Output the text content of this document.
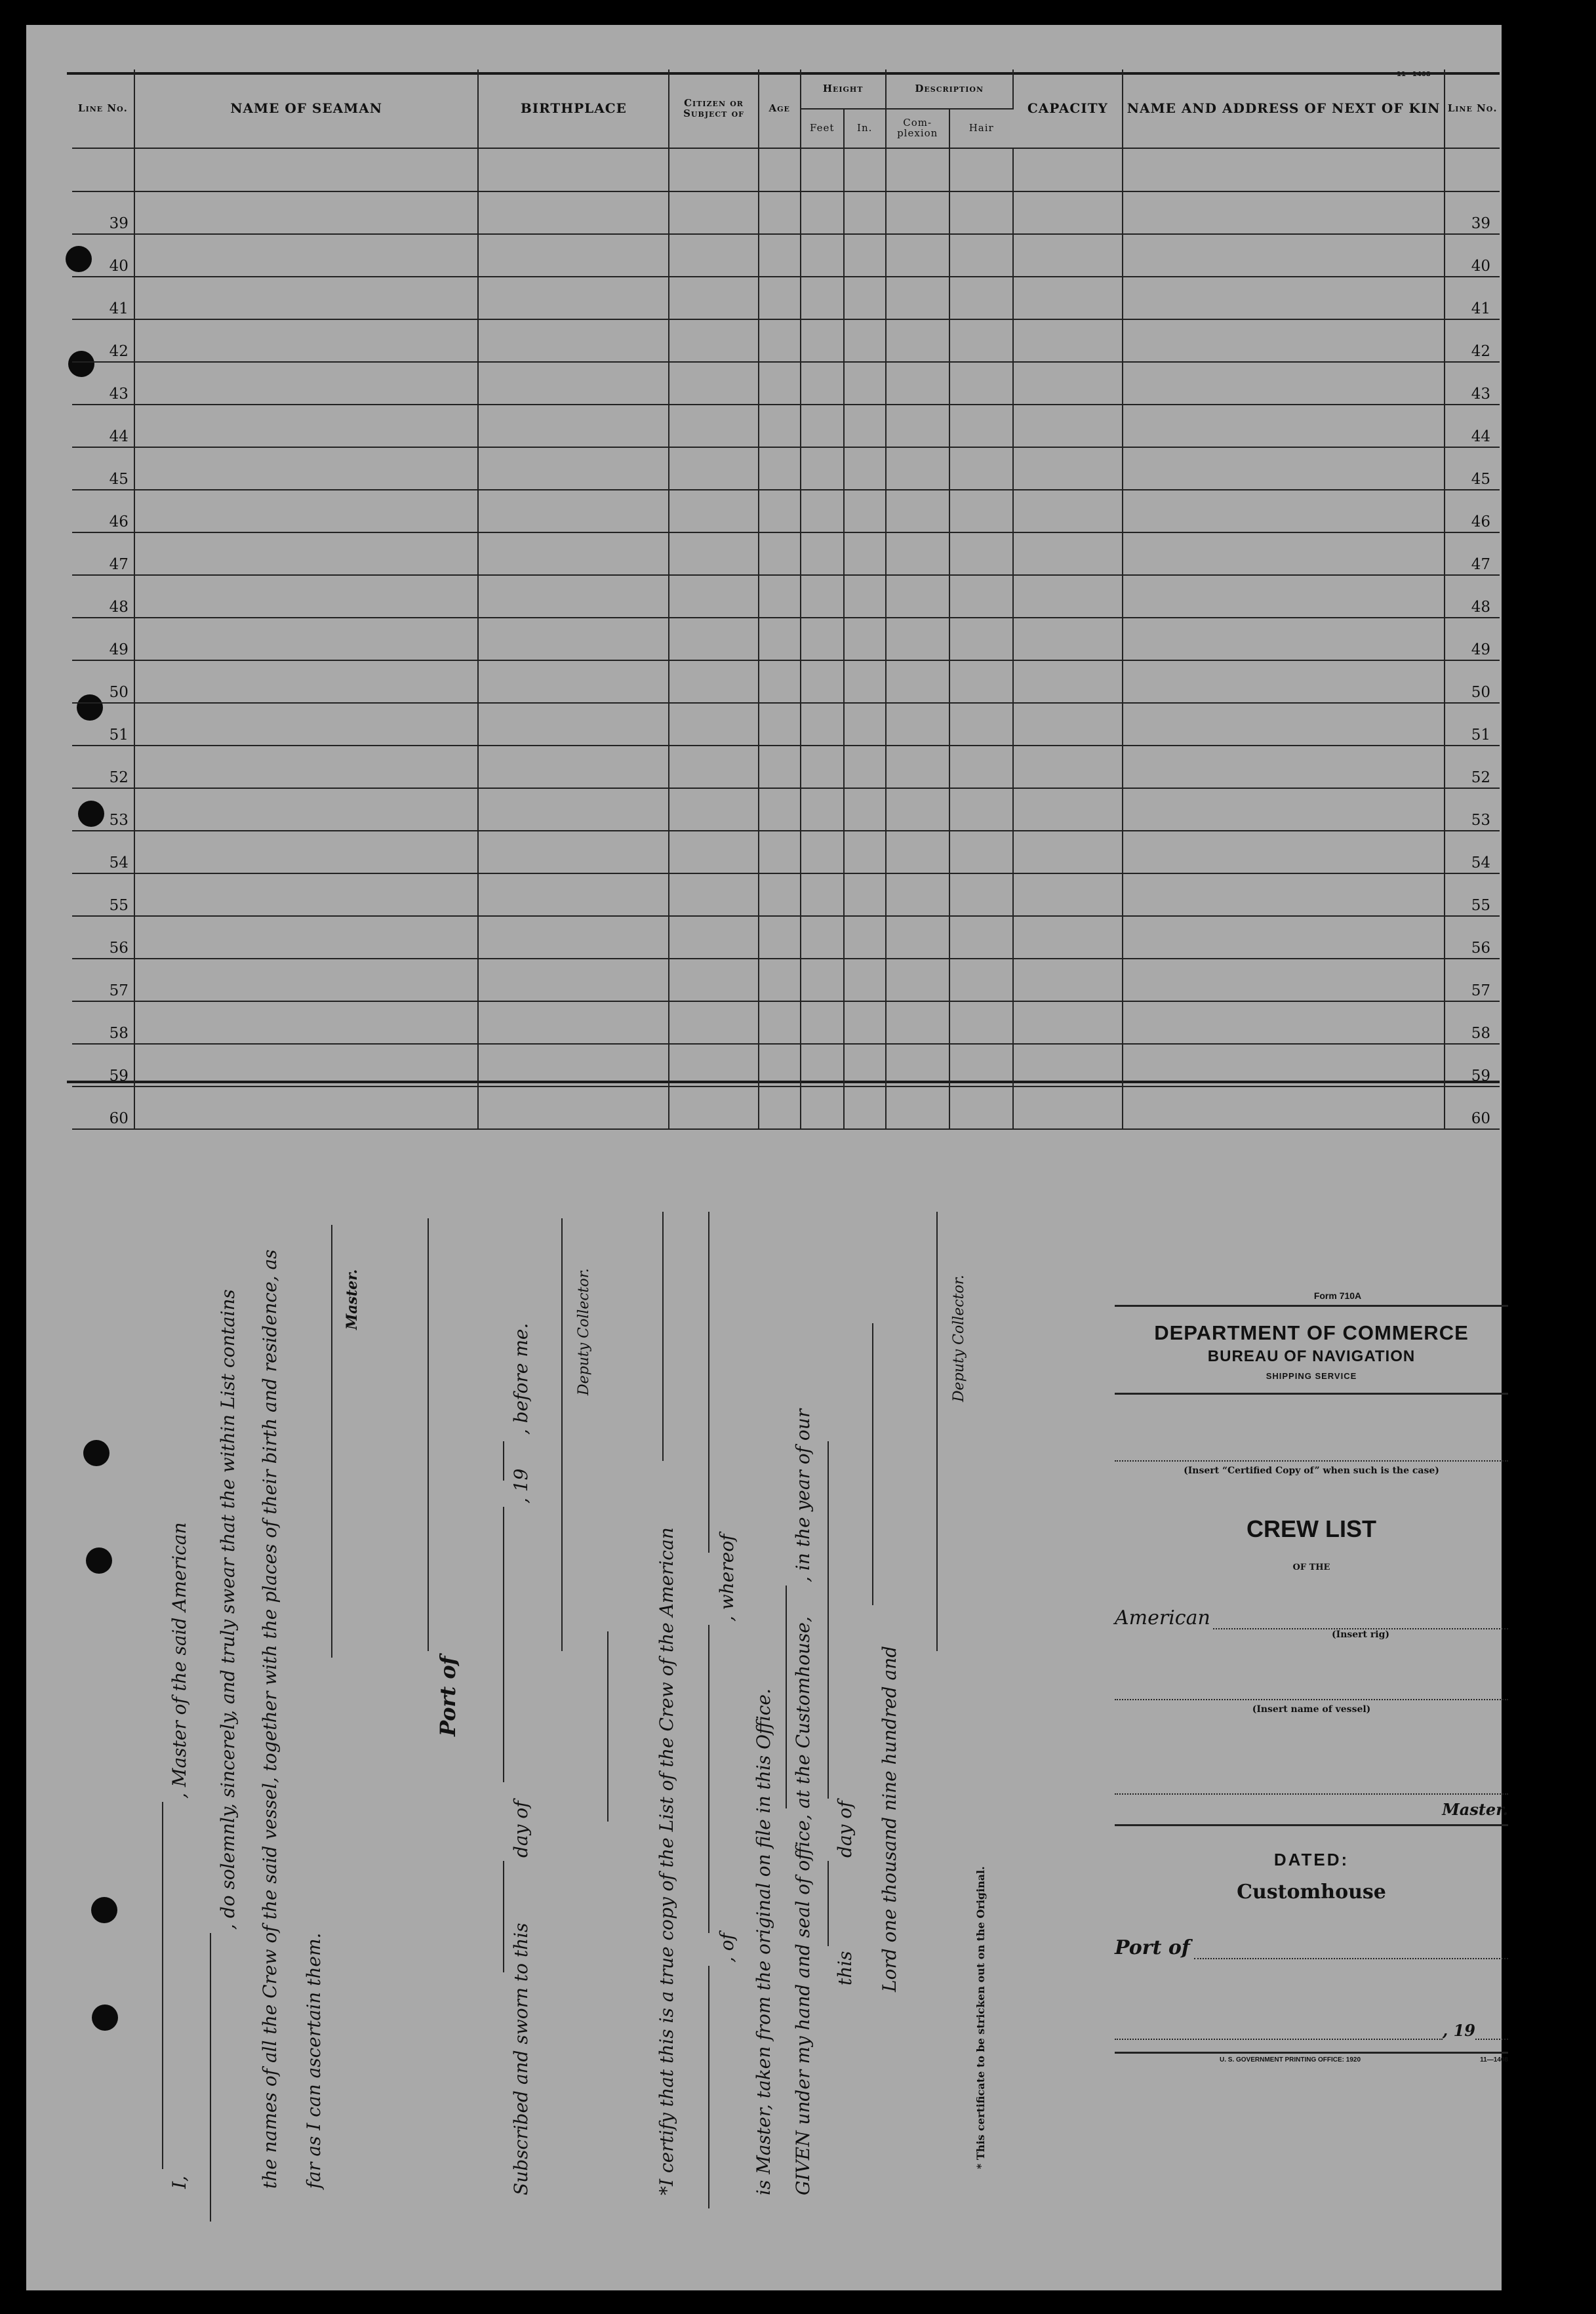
Line No.	NAME OF SEAMAN	BIRTHPLACE	Citizen or Subject of	Age	Height		Description		CAPACITY	NAME AND ADDRESS OF NEXT OF KIN	Line No.
					Feet	In.	Com-plexion	Hair			

39											39
40											40
41											41
42											42
43											43
44											44
45											45
46											46
47											47
48											48
49											49
50											50
51											51
52											52
53											53
54											54
55											55
56											56
57											57
58											58
59											59
60											60
I,
, Master of the said American , do solemnly, sincerely, and truly swear that the within List contains the names of all the Crew of the said vessel, together with the places of their birth and residence, as far as I can ascertain them.
Master.
Port of
Subscribed and sworn to this
day of
, 19
, before me.	Deputy Collector.
*I certify that this is a true copy of the List of the Crew of the American , of
, whereof
is Master, taken from the original on file in this Office. GIVEN under my hand and seal of office, at the Customhouse,
, in the year of our
this
day of Lord one thousand nine hundred and
Deputy Collector.
* This certificate to be stricken out on the Original.
Form 710A
DEPARTMENT OF COMMERCE
BUREAU OF NAVIGATION
SHIPPING SERVICE
(Insert “Certified Copy of” when such is the case)
CREW LIST
OF THE
American
(Insert rig)
(Insert name of vessel)
Master.
DATED:
Customhouse
Port of
, 19
U. S. GOVERNMENT PRINTING OFFICE: 1920	11—1408
